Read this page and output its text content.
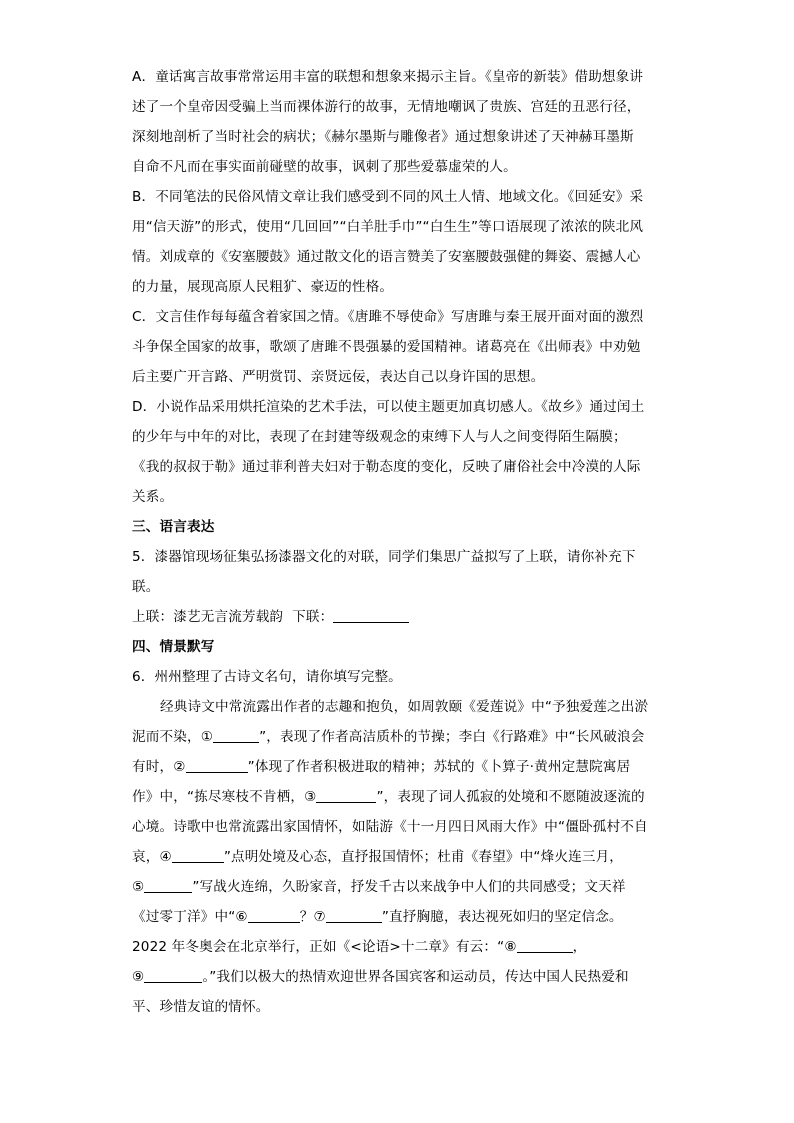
A．童话寓言故事常常运用丰富的联想和想象来揭示主旨。《皇帝的新装》借助想象讲
述了一个皇帝因受骗上当而裸体游行的故事，无情地嘲讽了贵族、宫廷的丑恶行径，
深刻地剖析了当时社会的病状；《赫尔墨斯与雕像者》通过想象讲述了天神赫耳墨斯
自命不凡而在事实面前碰壁的故事，讽刺了那些爱慕虚荣的人。
B．不同笔法的民俗风情文章让我们感受到不同的风土人情、地域文化。《回延安》采
用“信天游”的形式，使用“几回回”“白羊肚手巾”“白生生”等口语展现了浓浓的陕北风
情。刘成章的《安塞腰鼓》通过散文化的语言赞美了安塞腰鼓强健的舞姿、震撼人心
的力量，展现高原人民粗犷、豪迈的性格。
C．文言佳作每每蕴含着家国之情。《唐雎不辱使命》写唐雎与秦王展开面对面的激烈
斗争保全国家的故事，歌颂了唐雎不畏强暴的爱国精神。诸葛亮在《出师表》中劝勉
后主要广开言路、严明赏罚、亲贤远佞，表达自己以身许国的思想。
D．小说作品采用烘托渲染的艺术手法，可以使主题更加真切感人。《故乡》通过闰土
的少年与中年的对比，表现了在封建等级观念的束缚下人与人之间变得陌生隔膜；
《我的叔叔于勒》通过菲利普夫妇对于勒态度的变化，反映了庸俗社会中冷漠的人际
关系。
三、语言表达
5．漆器馆现场征集弘扬漆器文化的对联，同学们集思广益拟写了上联，请你补充下
联。
上联：漆艺无言流芳载韵 下联：
四、情景默写
6．州州整理了古诗文名句，请你填写完整。
经典诗文中常流露出作者的志趣和抱负，如周敦颐《爱莲说》中“予独爱莲之出淤
泥而不染，①	”，表现了作者高洁质朴的节操；李白《行路难》中“长风破浪会
有时，②	”体现了作者积极进取的精神；苏轼的《卜算子·黄州定慧院寓居
作》中，“拣尽寒枝不肯栖，③	”，表现了词人孤寂的处境和不愿随波逐流的
心境。诗歌中也常流露出家国情怀，如陆游《十一月四日风雨大作》中“僵卧孤村不自
哀，④	”点明处境及心态，直抒报国情怀；杜甫《春望》中“烽火连三月，
⑤	”写战火连绵，久盼家音，抒发千古以来战争中人们的共同感受；文天祥
《过零丁洋》中“⑥	？⑦	”直抒胸臆，表达视死如归的坚定信念。
2022 年冬奥会在北京举行，正如《<论语>十二章》有云：“⑧	，
⑨	。”我们以极大的热情欢迎世界各国宾客和运动员，传达中国人民热爱和
平、珍惜友谊的情怀。
